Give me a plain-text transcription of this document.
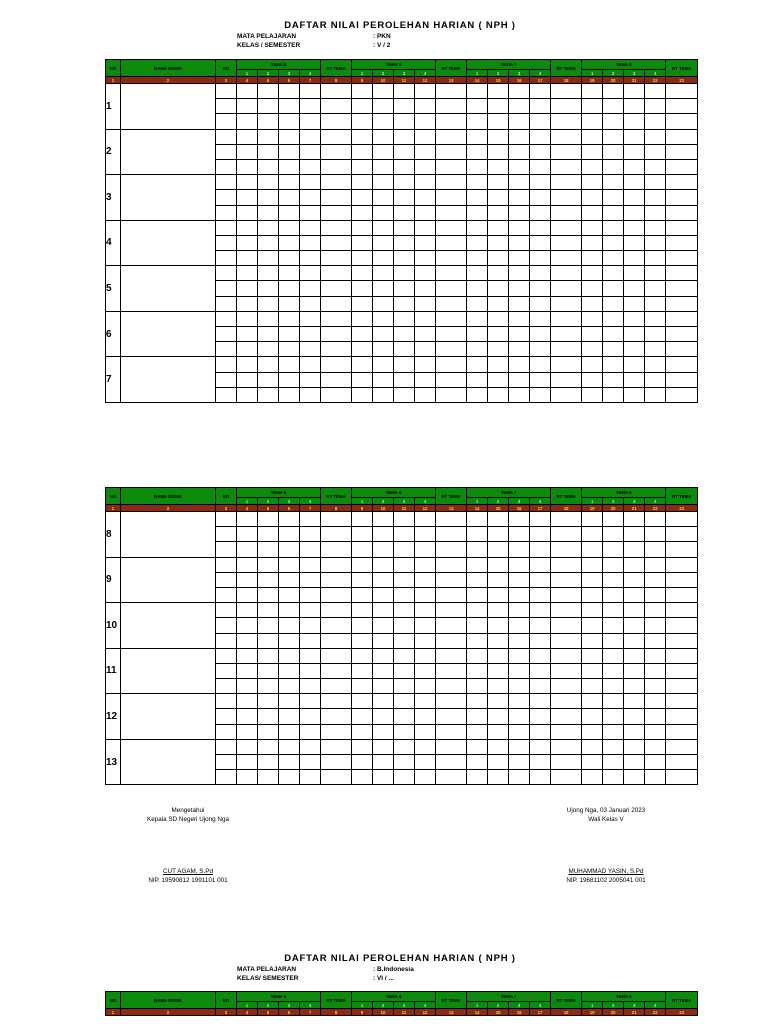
DAFTAR NILAI PEROLEHAN HARIAN ( NPH )
MATA PELAJARAN	: PKN
KELAS / SEMESTER	: V / 2
NO	NAMA SISWA	KD	TEMA 5				RT TEMA	TEMA 6				RT TEMA	TEMA 7				RT TEMA	TEMA 8				RT TEMA
			1	2	3	4		1	2	3	4		1	2	3	4		1	2	3	4	
1	2	3	4	5	6	7	8	9	10	11	12	13	14	15	16	17	18	19	20	21	22	23
1																						

2																						

3																						

4																						

5																						

6																						

7																						

NO	NAMA SISWA	KD	TEMA 5				RT TEMA	TEMA 6				RT TEMA	TEMA 7				RT TEMA	TEMA 8				RT TEMA
			1	2	3	4		1	2	3	4		1	2	3	4		1	2	3	4	
1	2	3	4	5	6	7	8	9	10	11	12	13	14	15	16	17	18	19	20	21	22	23
8																						

9																						

10																						

11																						

12																						

13																						

Mengetahui
Kepala SD Negeri Ujong Nga
CUT AGAM, S.Pd
NIP. 19590812 1991101 001
Ujong Nga, 03 Januari 2023
Wali Kelas V
MUHAMMAD YASIN, S.Pd
NIP. 19681102 2005041 001
DAFTAR NILAI PEROLEHAN HARIAN ( NPH )
MATA PELAJARAN	: B.Indonesia
KELAS/ SEMESTER	: VI / ...
NO	NAMA SISWA	KD	TEMA 5				RT TEMA	TEMA 6				RT TEMA	TEMA 7				RT TEMA	TEMA 8				RT TEMA
			1	2	3	4		1	2	3	4		1	2	3	4		1	2	3	4	
1	2	3	4	5	6	7	8	9	10	11	12	13	14	15	16	17	18	19	20	21	22	23
